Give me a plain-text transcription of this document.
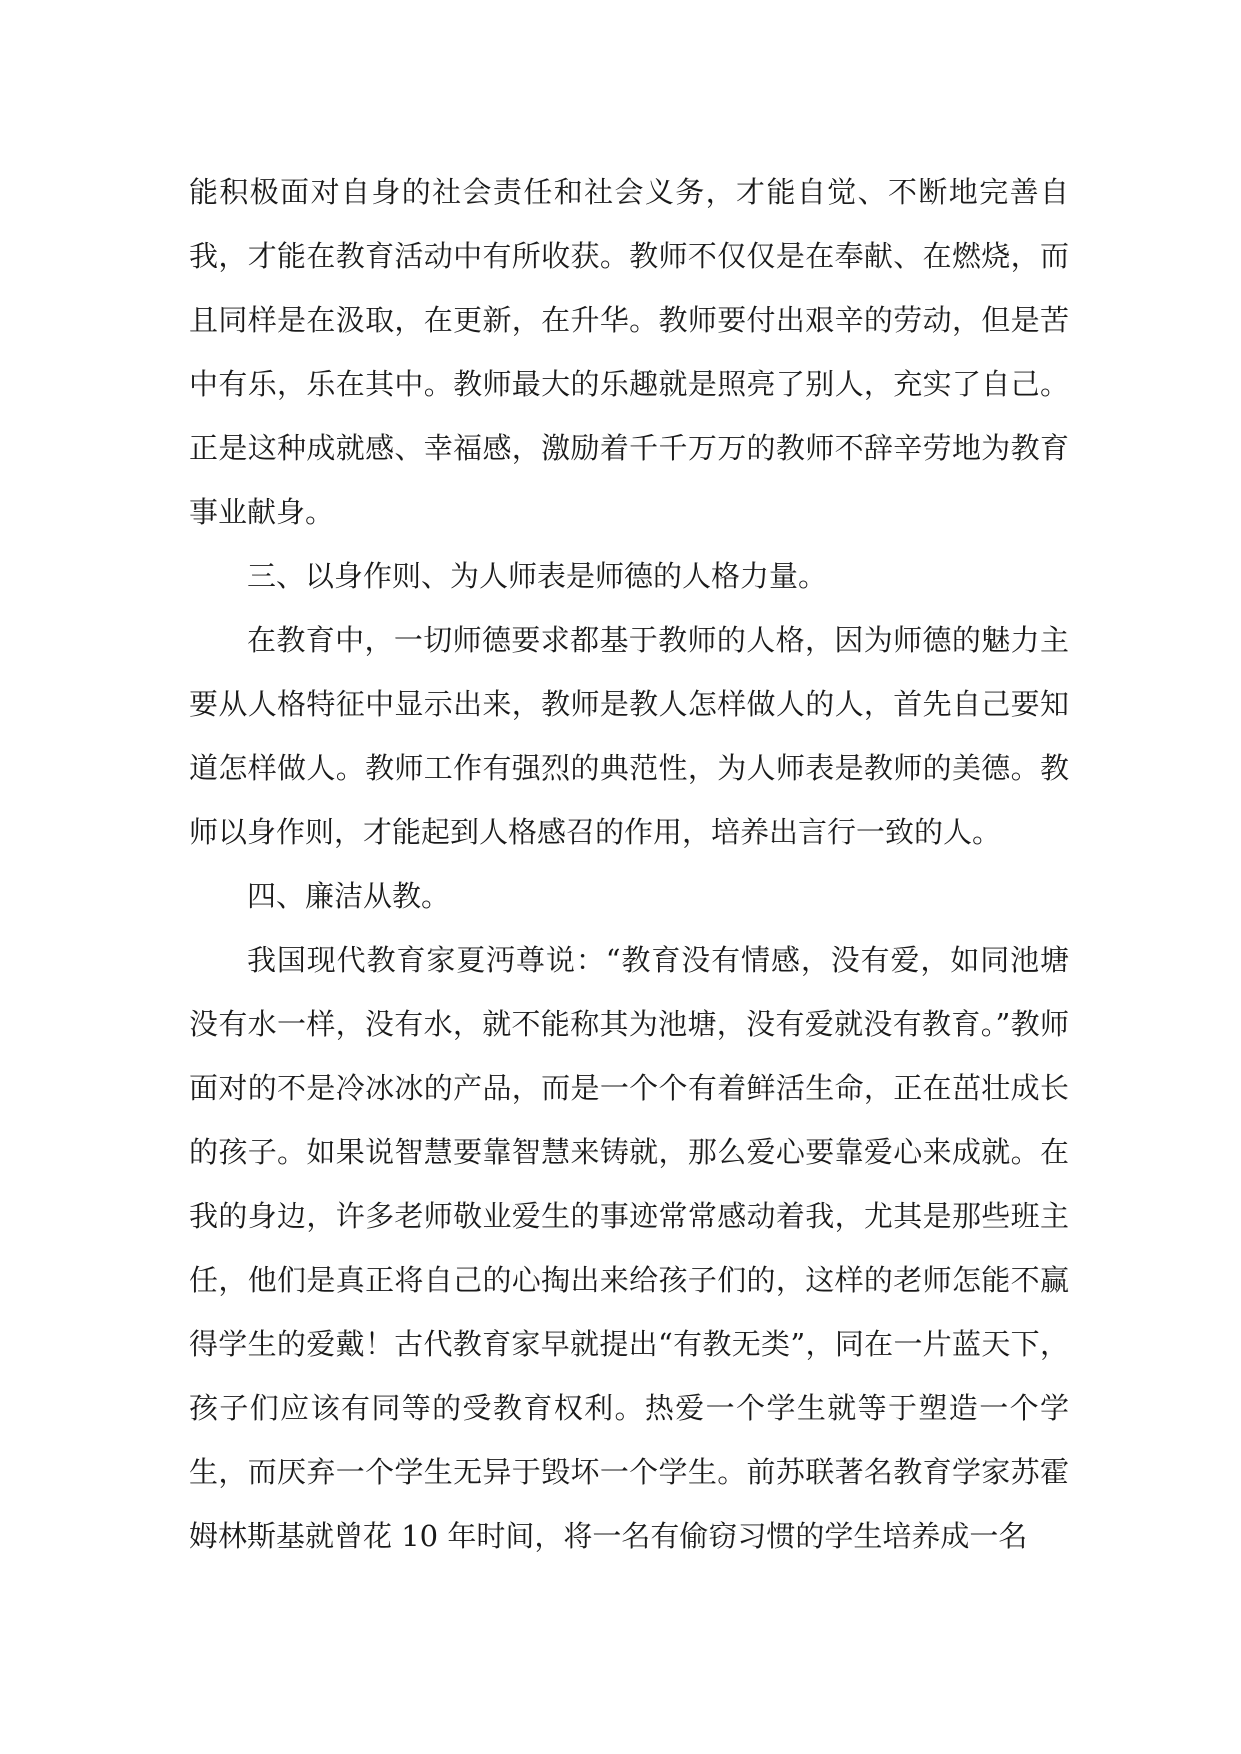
能积极面对自身的社会责任和社会义务，才能自觉、不断地完善自我，才能在教育活动中有所收获。教师不仅仅是在奉献、在燃烧，而且同样是在汲取，在更新，在升华。教师要付出艰辛的劳动，但是苦中有乐，乐在其中。教师最大的乐趣就是照亮了别人，充实了自己。正是这种成就感、幸福感，激励着千千万万的教师不辞辛劳地为教育事业献身。

三、以身作则、为人师表是师德的人格力量。

在教育中，一切师德要求都基于教师的人格，因为师德的魅力主要从人格特征中显示出来，教师是教人怎样做人的人，首先自己要知道怎样做人。教师工作有强烈的典范性，为人师表是教师的美德。教师以身作则，才能起到人格感召的作用，培养出言行一致的人。

四、廉洁从教。

我国现代教育家夏沔尊说：“教育没有情感，没有爱，如同池塘没有水一样，没有水，就不能称其为池塘，没有爱就没有教育。”教师面对的不是冷冰冰的产品，而是一个个有着鲜活生命，正在茁壮成长的孩子。如果说智慧要靠智慧来铸就，那么爱心要靠爱心来成就。在我的身边，许多老师敬业爱生的事迹常常感动着我，尤其是那些班主任，他们是真正将自己的心掏出来给孩子们的，这样的老师怎能不赢得学生的爱戴！古代教育家早就提出“有教无类”，同在一片蓝天下，孩子们应该有同等的受教育权利。热爱一个学生就等于塑造一个学生，而厌弃一个学生无异于毁坏一个学生。前苏联著名教育学家苏霍姆林斯基就曾花 10 年时间，将一名有偷窃习惯的学生培养成一名
